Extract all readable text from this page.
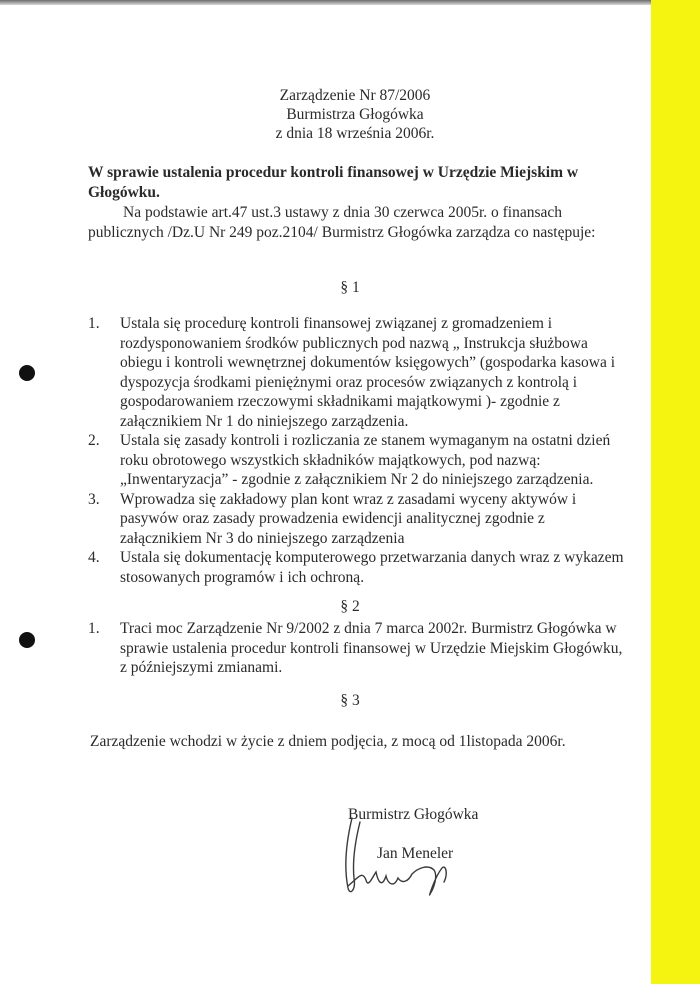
Zarządzenie Nr 87/2006
Burmistrza Głogówka
z dnia 18 września 2006r.
W sprawie ustalenia procedur kontroli finansowej w Urzędzie Miejskim w Głogówku.
Na podstawie art.47 ust.3 ustawy z dnia 30 czerwca 2005r. o finansach publicznych /Dz.U Nr 249 poz.2104/ Burmistrz Głogówka zarządza co następuje:
§ 1
1. Ustala się procedurę kontroli finansowej związanej z gromadzeniem i rozdysponowaniem środków publicznych pod nazwą „ Instrukcja służbowa obiegu i kontroli wewnętrznej dokumentów księgowych” (gospodarka kasowa i dyspozycja środkami pieniężnymi oraz procesów związanych z kontrolą i gospodarowaniem rzeczowymi składnikami majątkowymi )- zgodnie z załącznikiem Nr 1 do niniejszego zarządzenia.
2. Ustala się zasady kontroli i rozliczania ze stanem wymaganym na ostatni dzień roku obrotowego wszystkich składników majątkowych, pod nazwą: „Inwentaryzacja” - zgodnie z załącznikiem Nr 2 do niniejszego zarządzenia.
3. Wprowadza się zakładowy plan kont wraz z zasadami wyceny aktywów i pasywów oraz zasady prowadzenia ewidencji analitycznej zgodnie z załącznikiem Nr 3 do niniejszego zarządzenia
4. Ustala się dokumentację komputerowego przetwarzania danych wraz z wykazem stosowanych programów i ich ochroną.
§ 2
1. Traci moc Zarządzenie Nr 9/2002 z dnia 7 marca 2002r. Burmistrz Głogówka w sprawie ustalenia procedur kontroli finansowej w Urzędzie Miejskim Głogówku, z późniejszymi zmianami.
§ 3
Zarządzenie wchodzi w życie z dniem podjęcia, z mocą od 1listopada 2006r.
Burmistrz Głogówka
Jan Meneler
